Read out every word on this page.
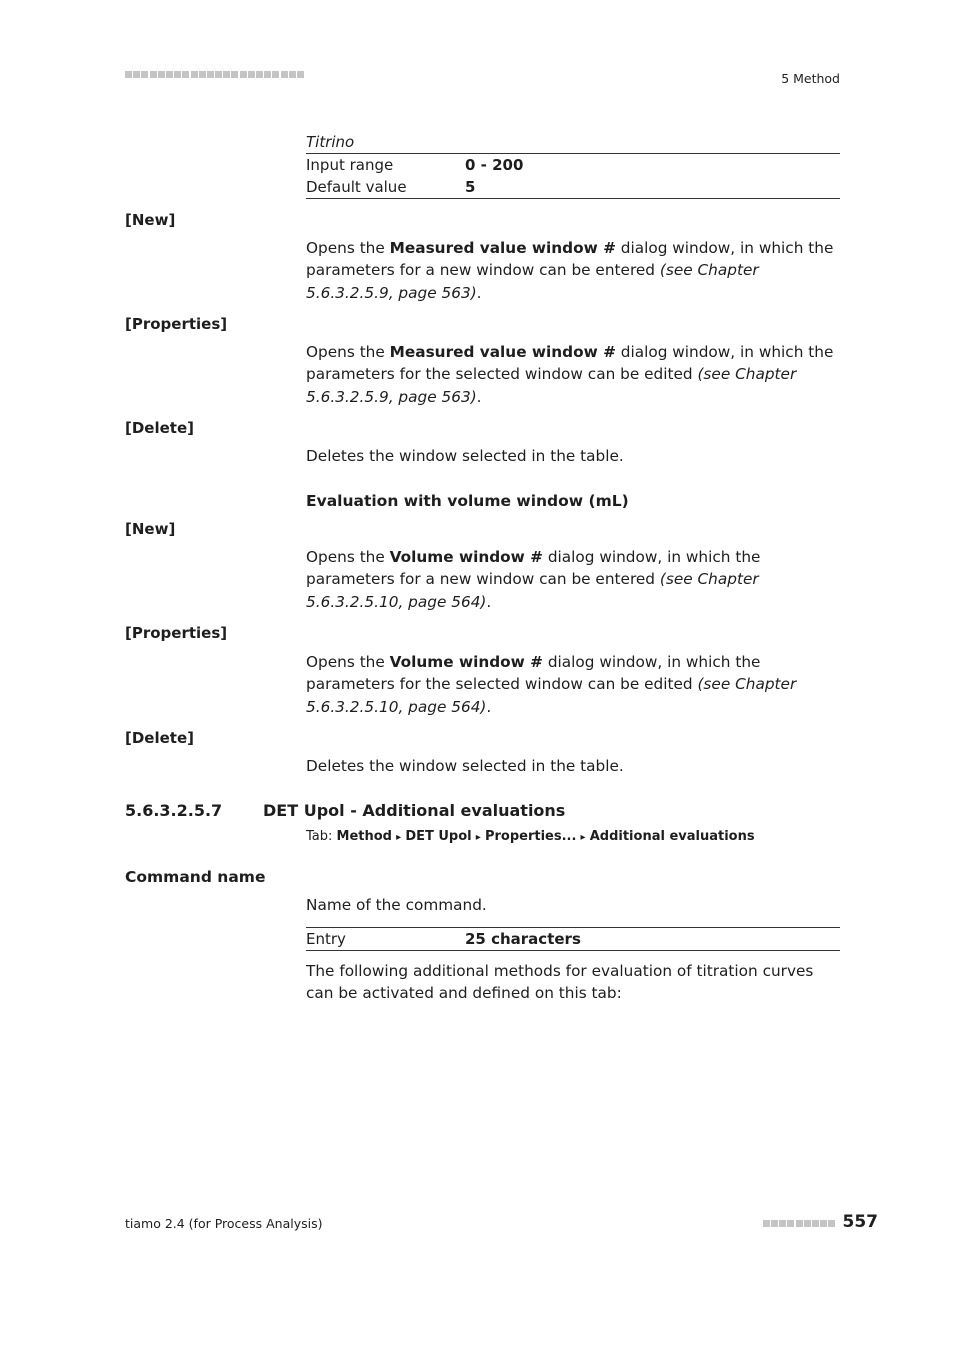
5 Method
Titrino
Input range	0 - 200
Default value	5
[New]
Opens the Measured value window # dialog window, in which the parameters for a new window can be entered (see Chapter 5.6.3.2.5.9, page 563).
[Properties]
Opens the Measured value window # dialog window, in which the parameters for the selected window can be edited (see Chapter 5.6.3.2.5.9, page 563).
[Delete]
Deletes the window selected in the table.
Evaluation with volume window (mL)
[New]
Opens the Volume window # dialog window, in which the parameters for a new window can be entered (see Chapter 5.6.3.2.5.10, page 564).
[Properties]
Opens the Volume window # dialog window, in which the parameters for the selected window can be edited (see Chapter 5.6.3.2.5.10, page 564).
[Delete]
Deletes the window selected in the table.
5.6.3.2.5.7	DET Upol - Additional evaluations
Tab: Method ▸ DET Upol ▸ Properties... ▸ Additional evaluations
Command name
Name of the command.
Entry	25 characters
The following additional methods for evaluation of titration curves can be activated and defined on this tab:
tiamo 2.4 (for Process Analysis)	557
